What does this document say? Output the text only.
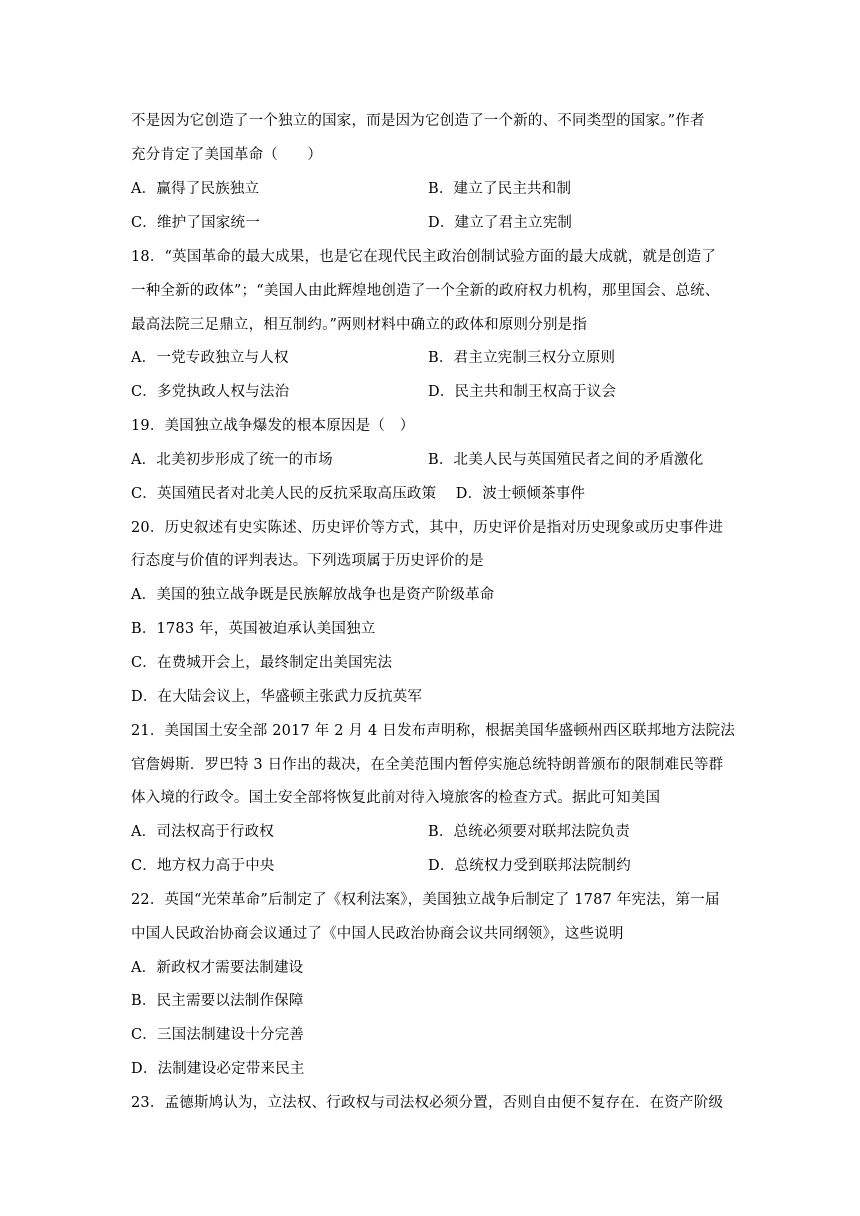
不是因为它创造了一个独立的国家，而是因为它创造了一个新的、不同类型的国家。”作者
充分肯定了美国革命（　　）
A．赢得了民族独立	B．建立了民主共和制
C．维护了国家统一	D．建立了君主立宪制
18．“英国革命的最大成果，也是它在现代民主政治创制试验方面的最大成就，就是创造了
一种全新的政体”；“美国人由此辉煌地创造了一个全新的政府权力机构，那里国会、总统、
最高法院三足鼎立，相互制约。”两则材料中确立的政体和原则分别是指
A．一党专政独立与人权	B．君主立宪制三权分立原则
C．多党执政人权与法治	D．民主共和制王权高于议会
19．美国独立战争爆发的根本原因是（　）
A．北美初步形成了统一的市场	B．北美人民与英国殖民者之间的矛盾激化
C．英国殖民者对北美人民的反抗采取高压政策　 D．波士顿倾茶事件
20．历史叙述有史实陈述、历史评价等方式，其中，历史评价是指对历史现象或历史事件进
行态度与价值的评判表达。下列选项属于历史评价的是
A．美国的独立战争既是民族解放战争也是资产阶级革命
B．1783 年，英国被迫承认美国独立
C．在费城开会上，最终制定出美国宪法
D．在大陆会议上，华盛顿主张武力反抗英军
21．美国国土安全部 2017 年 2 月 4 日发布声明称，根据美国华盛顿州西区联邦地方法院法
官詹姆斯．罗巴特 3 日作出的裁决，在全美范围内暂停实施总统特朗普颁布的限制难民等群
体入境的行政令。国土安全部将恢复此前对待入境旅客的检查方式。据此可知美国
A．司法权高于行政权	B．总统必须要对联邦法院负责
C．地方权力高于中央	D．总统权力受到联邦法院制约
22．英国“光荣革命”后制定了《权利法案》，美国独立战争后制定了 1787 年宪法，第一届
中国人民政治协商会议通过了《中国人民政治协商会议共同纲领》，这些说明
A．新政权才需要法制建设
B．民主需要以法制作保障
C．三国法制建设十分完善
D．法制建设必定带来民主
23．孟德斯鸠认为，立法权、行政权与司法权必须分置，否则自由便不复存在．在资产阶级
